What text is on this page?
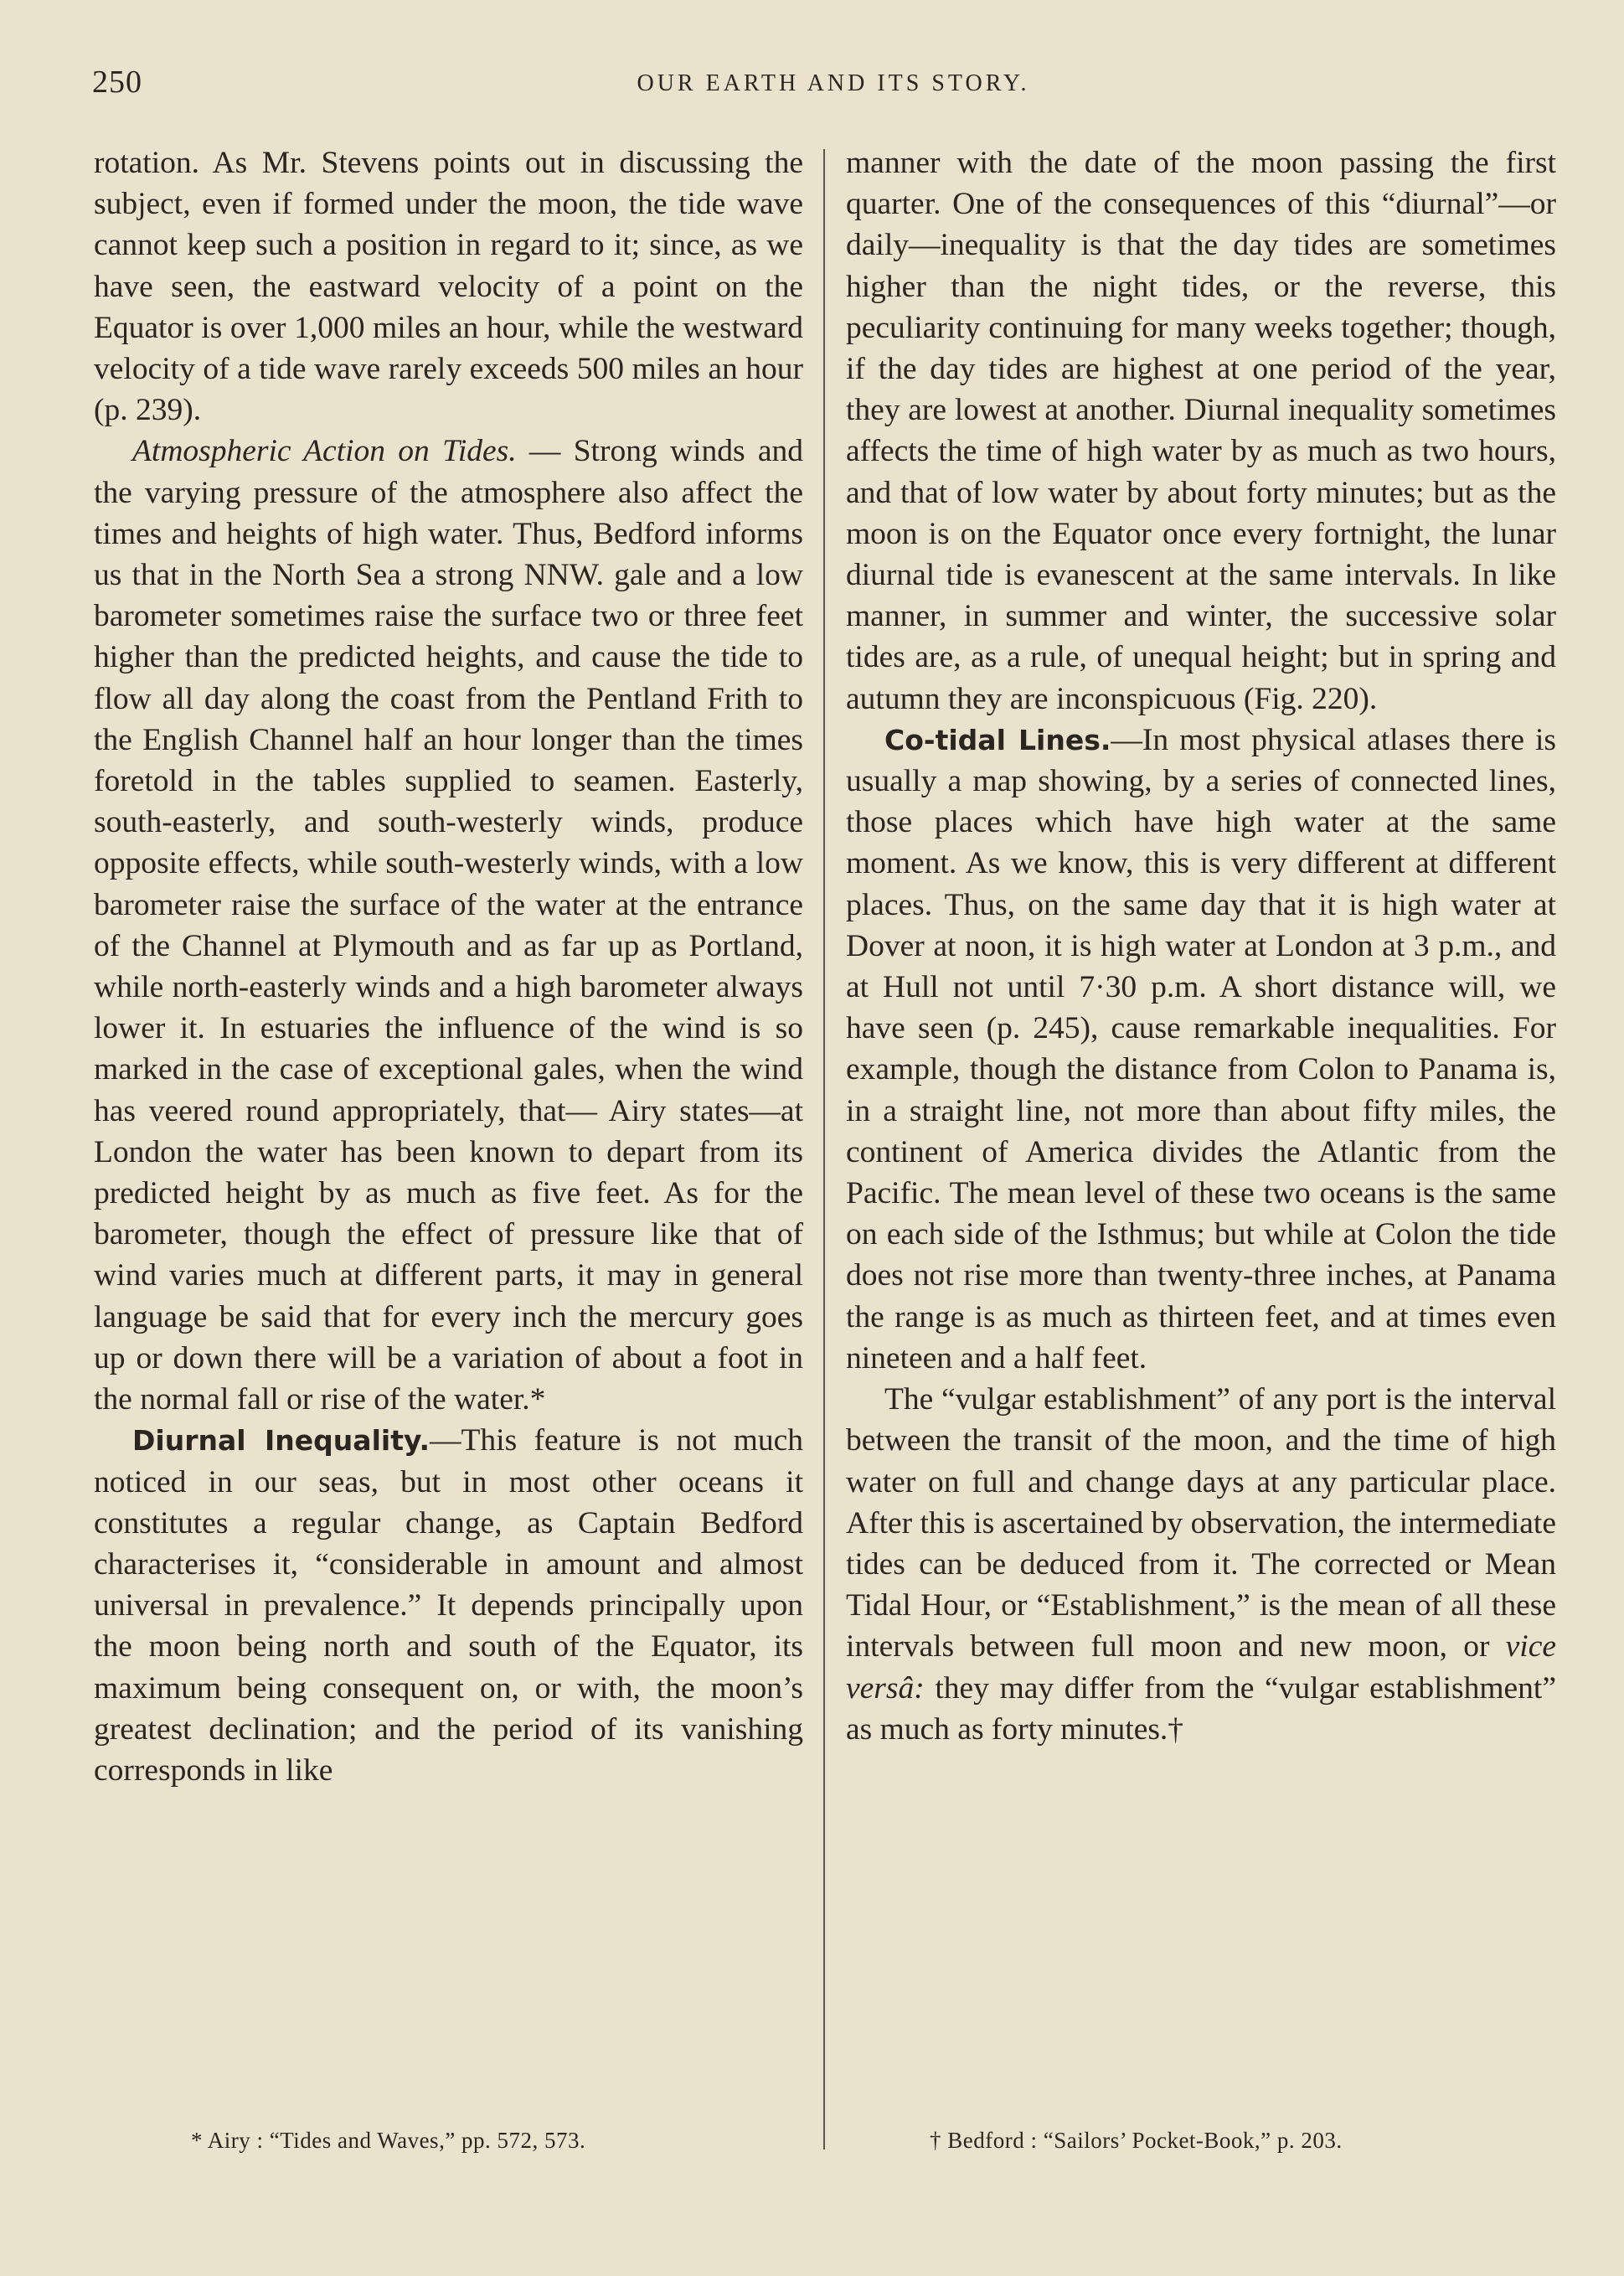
250	OUR EARTH AND ITS STORY.

rotation. As Mr. Stevens points out in discussing the subject, even if formed under the moon, the tide wave cannot keep such a position in regard to it; since, as we have seen, the eastward velocity of a point on the Equator is over 1,000 miles an hour, while the westward velocity of a tide wave rarely exceeds 500 miles an hour (p. 239).

Atmospheric Action on Tides. — Strong winds and the varying pressure of the atmosphere also affect the times and heights of high water. Thus, Bedford informs us that in the North Sea a strong NNW. gale and a low barometer sometimes raise the surface two or three feet higher than the predicted heights, and cause the tide to flow all day along the coast from the Pentland Frith to the English Channel half an hour longer than the times foretold in the tables supplied to seamen. Easterly, south-easterly, and south-westerly winds, produce opposite effects, while south-westerly winds, with a low barometer raise the surface of the water at the entrance of the Channel at Plymouth and as far up as Portland, while north-easterly winds and a high barometer always lower it. In estuaries the influence of the wind is so marked in the case of exceptional gales, when the wind has veered round appropriately, that— Airy states—at London the water has been known to depart from its predicted height by as much as five feet. As for the barometer, though the effect of pressure like that of wind varies much at different parts, it may in general language be said that for every inch the mercury goes up or down there will be a variation of about a foot in the normal fall or rise of the water.*

Diurnal Inequality.—This feature is not much noticed in our seas, but in most other oceans it constitutes a regular change, as Captain Bedford characterises it, “considerable in amount and almost universal in prevalence.” It depends principally upon the moon being north and south of the Equator, its maximum being consequent on, or with, the moon’s greatest declination; and the period of its vanishing corresponds in like

manner with the date of the moon passing the first quarter. One of the consequences of this “diurnal”—or daily—inequality is that the day tides are sometimes higher than the night tides, or the reverse, this peculiarity continuing for many weeks together; though, if the day tides are highest at one period of the year, they are lowest at another. Diurnal inequality sometimes affects the time of high water by as much as two hours, and that of low water by about forty minutes; but as the moon is on the Equator once every fortnight, the lunar diurnal tide is evanescent at the same intervals. In like manner, in summer and winter, the successive solar tides are, as a rule, of unequal height; but in spring and autumn they are inconspicuous (Fig. 220).

Co-tidal Lines.—In most physical atlases there is usually a map showing, by a series of connected lines, those places which have high water at the same moment. As we know, this is very different at different places. Thus, on the same day that it is high water at Dover at noon, it is high water at London at 3 p.m., and at Hull not until 7·30 p.m. A short distance will, we have seen (p. 245), cause remarkable inequalities. For example, though the distance from Colon to Panama is, in a straight line, not more than about fifty miles, the continent of America divides the Atlantic from the Pacific. The mean level of these two oceans is the same on each side of the Isthmus; but while at Colon the tide does not rise more than twenty-three inches, at Panama the range is as much as thirteen feet, and at times even nineteen and a half feet.

The “vulgar establishment” of any port is the interval between the transit of the moon, and the time of high water on full and change days at any particular place. After this is ascertained by observation, the intermediate tides can be deduced from it. The corrected or Mean Tidal Hour, or “Establishment,” is the mean of all these intervals between full moon and new moon, or vice versâ: they may differ from the “vulgar establishment” as much as forty minutes.†

* Airy : “Tides and Waves,” pp. 572, 573.	† Bedford : “Sailors’ Pocket-Book,” p. 203.
